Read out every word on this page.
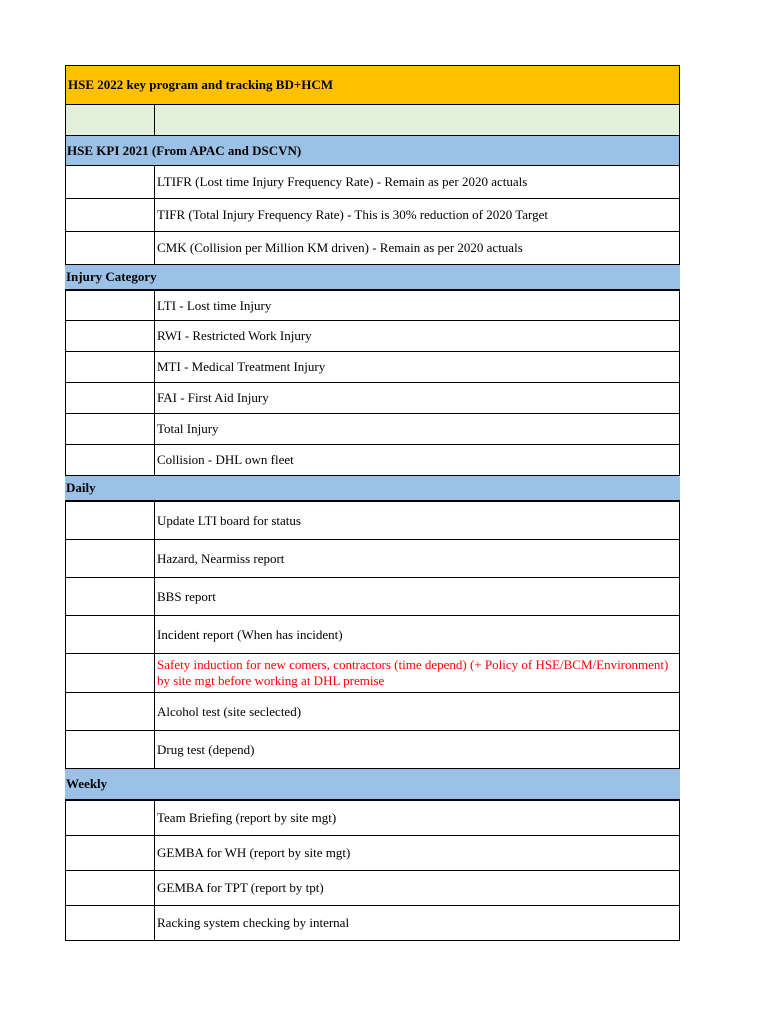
HSE 2022 key program and tracking BD+HCM
HSE KPI 2021 (From APAC and DSCVN)
LTIFR (Lost time Injury Frequency Rate) - Remain as per 2020 actuals
TIFR (Total Injury Frequency Rate) - This is 30% reduction of 2020 Target
CMK (Collision per Million KM driven) - Remain as per 2020 actuals
Injury Category
LTI - Lost time Injury
RWI - Restricted Work Injury
MTI - Medical Treatment Injury
FAI - First Aid Injury
Total Injury
Collision - DHL own fleet
Daily
Update LTI board for status
Hazard, Nearmiss report
BBS report
Incident report (When has incident)
Safety induction for new comers, contractors (time depend) (+ Policy of HSE/BCM/Environment) by site mgt before working at DHL premise
Alcohol test (site seclected)
Drug test (depend)
Weekly
Team Briefing (report by site mgt)
GEMBA for WH (report by site mgt)
GEMBA for TPT (report by tpt)
Racking system checking by internal
